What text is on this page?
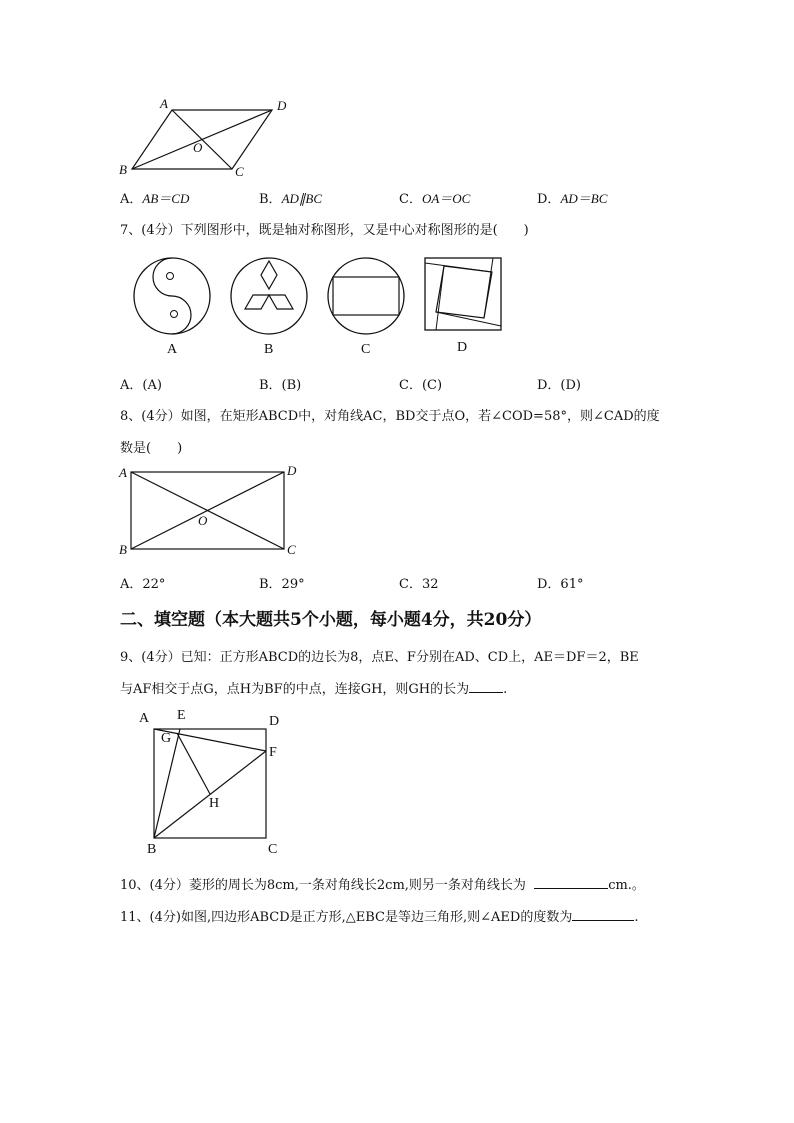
A	D
B	C
O
A．AB＝CD	B．AD∥BC	C．OA＝OC	D．AD＝BC
7、(4分）下列图形中，既是轴对称图形，又是中心对称图形的是(　　)
A	B	C	D
A．(A)	B．(B)	C．(C)	D．(D)
8、(4分）如图，在矩形ABCD中，对角线AC，BD交于点O，若∠COD=58°，则∠CAD的度
数是(　　)
A	D
B	C
O
A．22°	B．29°	C．32	D．61°
二、填空题（本大题共5个小题，每小题4分，共20分）
9、(4分）已知：正方形ABCD的边长为8，点E、F分别在AD、CD上，AE＝DF＝2，BE
与AF相交于点G，点H为BF的中点，连接GH，则GH的长为	.
A E	D
G
F
H
B	C
10、(4分）菱形的周长为8cm,一条对角线长2cm,则另一条对角线长为	cm.。
11、(4分)如图,四边形ABCD是正方形,△EBC是等边三角形,则∠AED的度数为	.
